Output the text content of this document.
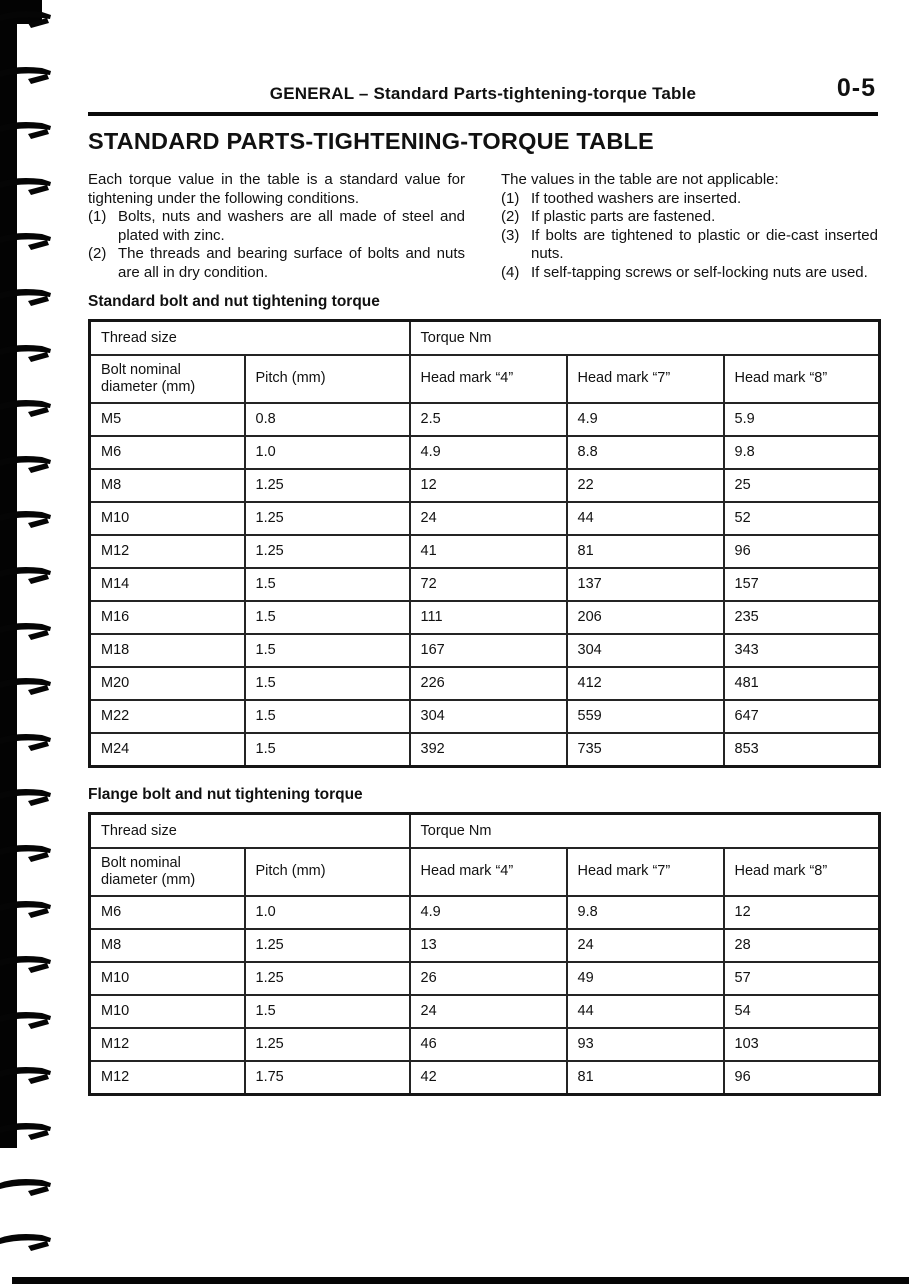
GENERAL – Standard Parts-tightening-torque Table	0-5
STANDARD PARTS-TIGHTENING-TORQUE TABLE

Each torque value in the table is a standard value for tightening under the following conditions.

(1) Bolts, nuts and washers are all made of steel and plated with zinc.
(2) The threads and bearing surface of bolts and nuts are all in dry condition.

The values in the table are not applicable:

(1) If toothed washers are inserted.
(2) If plastic parts are fastened.
(3) If bolts are tightened to plastic or die-cast inserted nuts.
(4) If self-tapping screws or self-locking nuts are used.

Standard bolt and nut tightening torque

Thread size		Torque Nm		
Bolt nominal diameter (mm)	Pitch (mm)	Head mark “4”	Head mark “7”	Head mark “8”
M5	0.8	2.5	4.9	5.9
M6	1.0	4.9	8.8	9.8
M8	1.25	12	22	25
M10	1.25	24	44	52
M12	1.25	41	81	96
M14	1.5	72	137	157
M16	1.5	111	206	235
M18	1.5	167	304	343
M20	1.5	226	412	481
M22	1.5	304	559	647
M24	1.5	392	735	853

Flange bolt and nut tightening torque

Thread size		Torque Nm		
Bolt nominal diameter (mm)	Pitch (mm)	Head mark “4”	Head mark “7”	Head mark “8”
M6	1.0	4.9	9.8	12
M8	1.25	13	24	28
M10	1.25	26	49	57
M10	1.5	24	44	54
M12	1.25	46	93	103
M12	1.75	42	81	96
